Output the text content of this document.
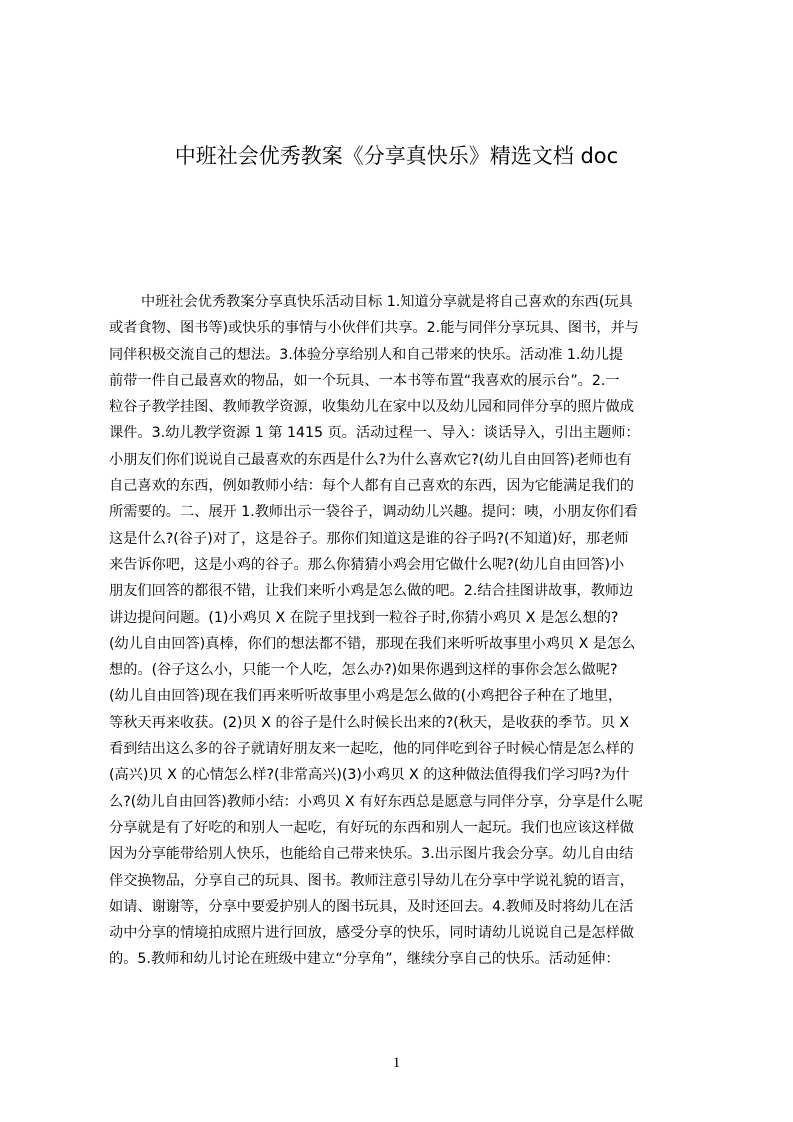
中班社会优秀教案《分享真快乐》精选文档 doc
中班社会优秀教案分享真快乐活动目标 1.知道分享就是将自己喜欢的东西(玩具
或者食物、图书等)或快乐的事情与小伙伴们共享。2.能与同伴分享玩具、图书，并与
同伴积极交流自己的想法。3.体验分享给别人和自己带来的快乐。活动准 1.幼儿提
前带一件自己最喜欢的物品，如一个玩具、一本书等布置“我喜欢的展示台”。2.一
粒谷子教学挂图、教师教学资源，收集幼儿在家中以及幼儿园和同伴分享的照片做成
课件。3.幼儿教学资源 1 第 1415 页。活动过程一、导入：谈话导入，引出主题师：
小朋友们你们说说自己最喜欢的东西是什么?为什么喜欢它?(幼儿自由回答)老师也有
自己喜欢的东西，例如教师小结：每个人都有自己喜欢的东西，因为它能满足我们的
所需要的。二、展开 1.教师出示一袋谷子，调动幼儿兴趣。提问：咦，小朋友你们看
这是什么?(谷子)对了，这是谷子。那你们知道这是谁的谷子吗?(不知道)好，那老师
来告诉你吧，这是小鸡的谷子。那么你猜猜小鸡会用它做什么呢?(幼儿自由回答)小
朋友们回答的都很不错，让我们来听小鸡是怎么做的吧。2.结合挂图讲故事，教师边
讲边提问问题。(1)小鸡贝 X 在院子里找到一粒谷子时,你猜小鸡贝 X 是怎么想的?
(幼儿自由回答)真棒，你们的想法都不错，那现在我们来听听故事里小鸡贝 X 是怎么
想的。(谷子这么小，只能一个人吃，怎么办?)如果你遇到这样的事你会怎么做呢?
(幼儿自由回答)现在我们再来听听故事里小鸡是怎么做的(小鸡把谷子种在了地里，
等秋天再来收获。(2)贝 X 的谷子是什么时候长出来的?(秋天，是收获的季节。贝 X
看到结出这么多的谷子就请好朋友来一起吃，他的同伴吃到谷子时候心情是怎么样的
(高兴)贝 X 的心情怎么样?(非常高兴)(3)小鸡贝 X 的这种做法值得我们学习吗?为什
么?(幼儿自由回答)教师小结：小鸡贝 X 有好东西总是愿意与同伴分享，分享是什么呢
分享就是有了好吃的和别人一起吃，有好玩的东西和别人一起玩。我们也应该这样做
因为分享能带给别人快乐，也能给自己带来快乐。3.出示图片我会分享。幼儿自由结
伴交换物品，分享自己的玩具、图书。教师注意引导幼儿在分享中学说礼貌的语言，
如请、谢谢等，分享中要爱护别人的图书玩具，及时还回去。4.教师及时将幼儿在活
动中分享的情境拍成照片进行回放，感受分享的快乐，同时请幼儿说说自己是怎样做
的。5.教师和幼儿讨论在班级中建立“分享角”，继续分享自己的快乐。活动延伸：
1
